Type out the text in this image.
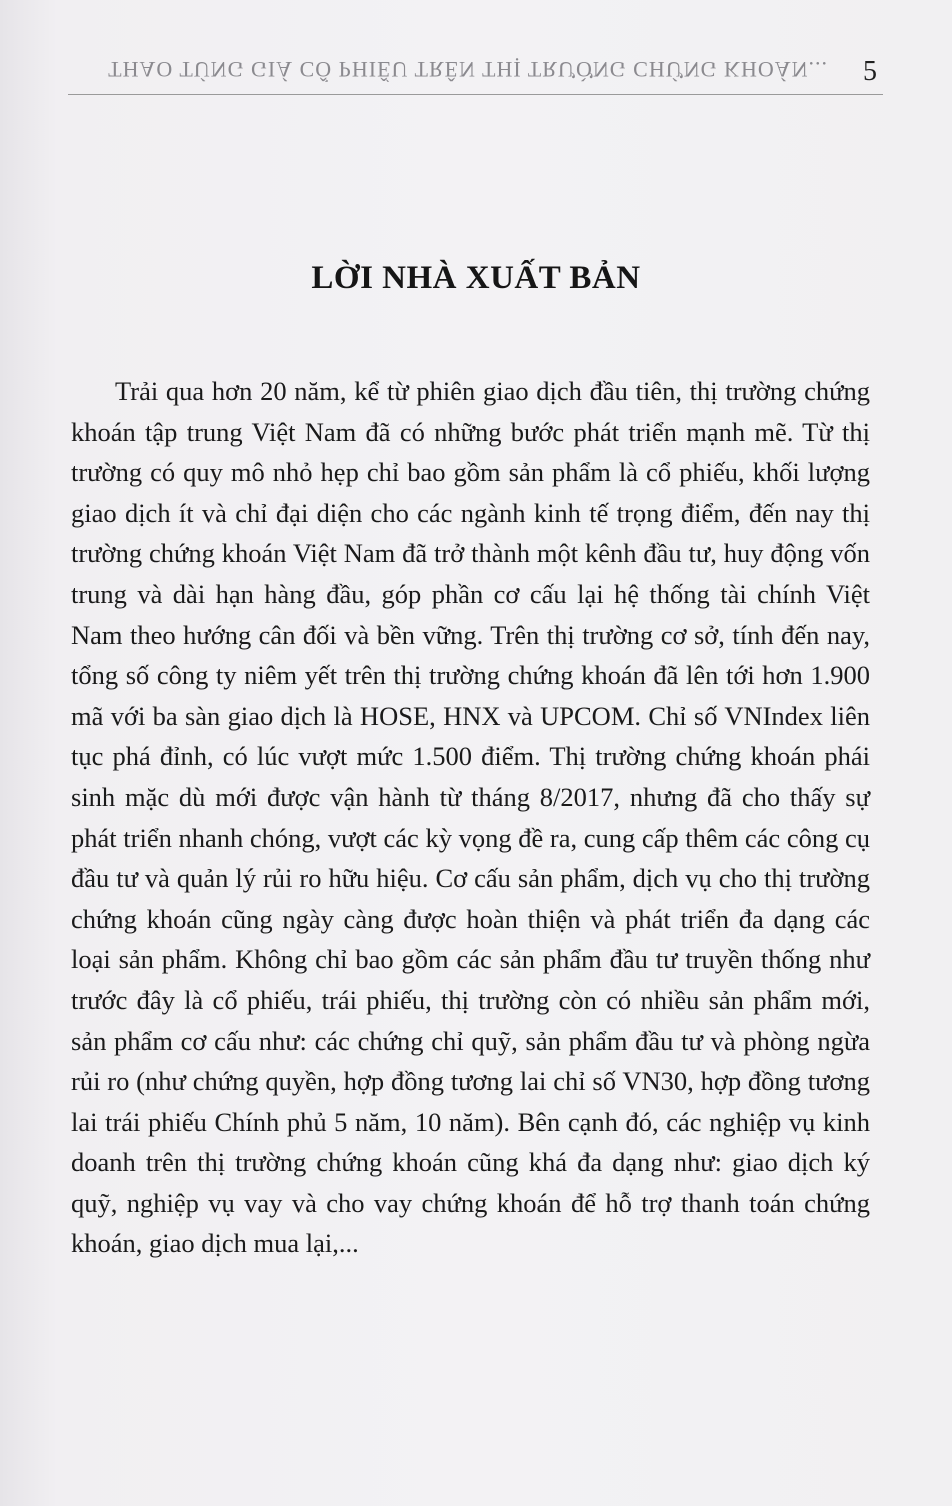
THAO TÚNG GIÁ CỔ PHIẾU TRÊN THỊ TRƯỜNG CHỨNG KHOÁN... 5
LỜI NHÀ XUẤT BẢN

Trải qua hơn 20 năm, kể từ phiên giao dịch đầu tiên, thị trường chứng khoán tập trung Việt Nam đã có những bước phát triển mạnh mẽ. Từ thị trường có quy mô nhỏ hẹp chỉ bao gồm sản phẩm là cổ phiếu, khối lượng giao dịch ít và chỉ đại diện cho các ngành kinh tế trọng điểm, đến nay thị trường chứng khoán Việt Nam đã trở thành một kênh đầu tư, huy động vốn trung và dài hạn hàng đầu, góp phần cơ cấu lại hệ thống tài chính Việt Nam theo hướng cân đối và bền vững. Trên thị trường cơ sở, tính đến nay, tổng số công ty niêm yết trên thị trường chứng khoán đã lên tới hơn 1.900 mã với ba sàn giao dịch là HOSE, HNX và UPCOM. Chỉ số VNIndex liên tục phá đỉnh, có lúc vượt mức 1.500 điểm. Thị trường chứng khoán phái sinh mặc dù mới được vận hành từ tháng 8/2017, nhưng đã cho thấy sự phát triển nhanh chóng, vượt các kỳ vọng đề ra, cung cấp thêm các công cụ đầu tư và quản lý rủi ro hữu hiệu. Cơ cấu sản phẩm, dịch vụ cho thị trường chứng khoán cũng ngày càng được hoàn thiện và phát triển đa dạng các loại sản phẩm. Không chỉ bao gồm các sản phẩm đầu tư truyền thống như trước đây là cổ phiếu, trái phiếu, thị trường còn có nhiều sản phẩm mới, sản phẩm cơ cấu như: các chứng chỉ quỹ, sản phẩm đầu tư và phòng ngừa rủi ro (như chứng quyền, hợp đồng tương lai chỉ số VN30, hợp đồng tương lai trái phiếu Chính phủ 5 năm, 10 năm). Bên cạnh đó, các nghiệp vụ kinh doanh trên thị trường chứng khoán cũng khá đa dạng như: giao dịch ký quỹ, nghiệp vụ vay và cho vay chứng khoán để hỗ trợ thanh toán chứng khoán, giao dịch mua lại,...
